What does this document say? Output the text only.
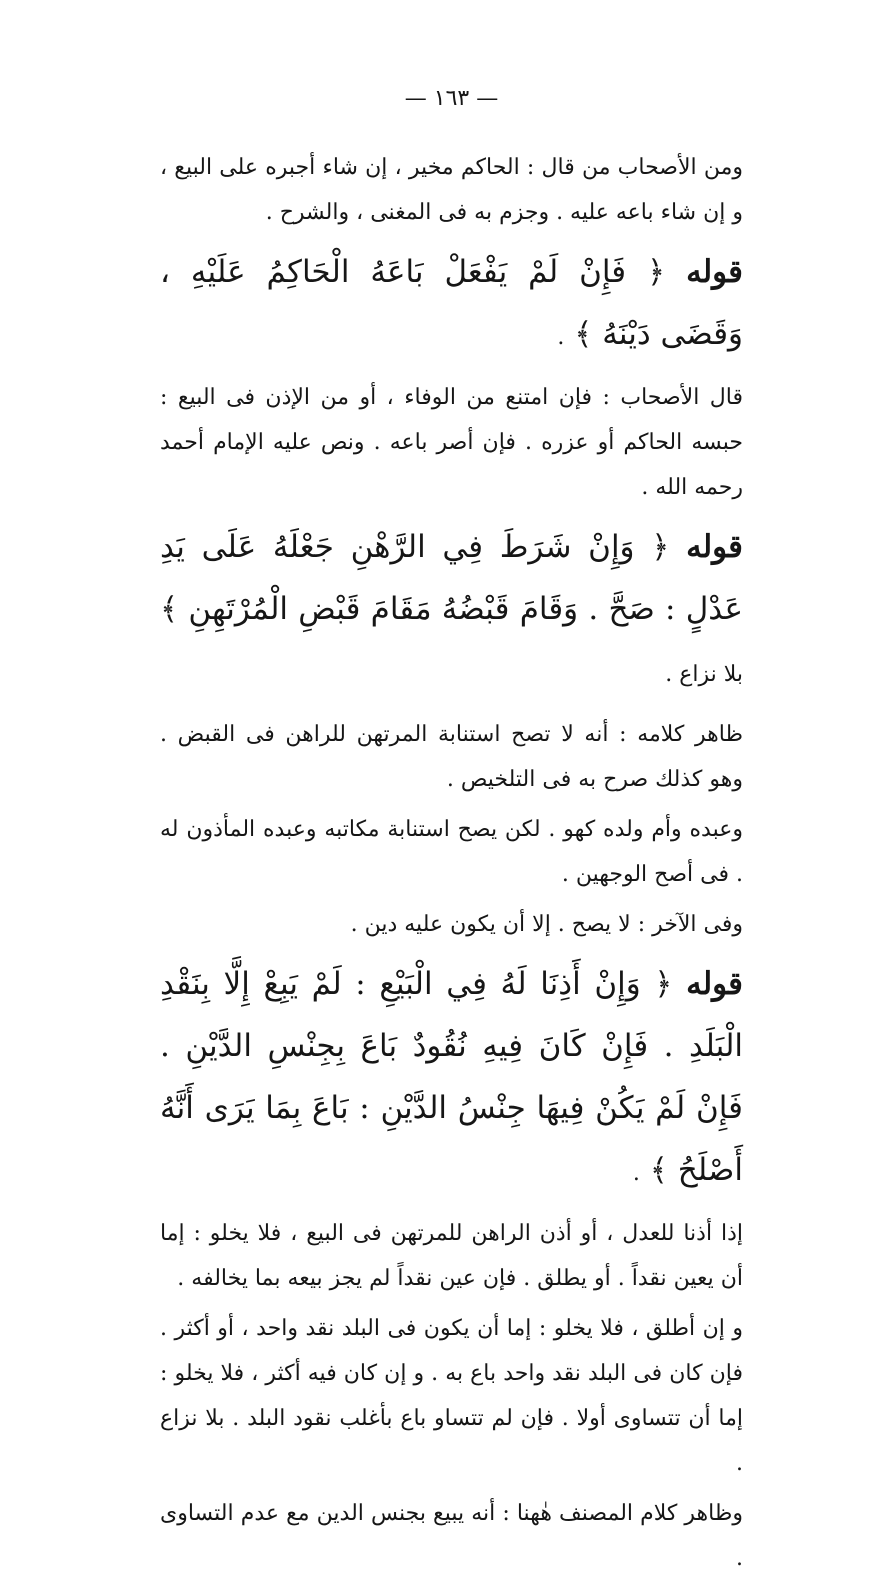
— ١٦٣ —

ومن الأصحاب من قال : الحاكم مخير ، إن شاء أجبره على البيع ، و إن شاء باعه عليه . وجزم به فى المغنى ، والشرح .

قوله ﴿ فَإِنْ لَمْ يَفْعَلْ بَاعَهُ الْحَاكِمُ عَلَيْهِ ، وَقَضَى دَيْنَهُ ﴾ .

قال الأصحاب : فإن امتنع من الوفاء ، أو من الإذن فى البيع : حبسه الحاكم أو عزره . فإن أصر باعه . ونص عليه الإمام أحمد رحمه الله .

قوله ﴿ وَإِنْ شَرَطَ فِي الرَّهْنِ جَعْلَهُ عَلَى يَدِ عَدْلٍ : صَحَّ . وَقَامَ قَبْضُهُ مَقَامَ قَبْضِ الْمُرْتَهِنِ ﴾ بلا نزاع .

ظاهر كلامه : أنه لا تصح استنابة المرتهن للراهن فى القبض . وهو كذلك صرح به فى التلخيص .

وعبده وأم ولده كهو . لكن يصح استنابة مكاتبه وعبده المأذون له . فى أصح الوجهين .

وفى الآخر : لا يصح . إلا أن يكون عليه دين .

قوله ﴿ وَإِنْ أَذِنَا لَهُ فِي الْبَيْعِ : لَمْ يَبِعْ إِلَّا بِنَقْدِ الْبَلَدِ . فَإِنْ كَانَ فِيهِ نُقُودٌ بَاعَ بِجِنْسِ الدَّيْنِ . فَإِنْ لَمْ يَكُنْ فِيهَا جِنْسُ الدَّيْنِ : بَاعَ بِمَا يَرَى أَنَّهُ أَصْلَحُ ﴾ .

إذا أذنا للعدل ، أو أذن الراهن للمرتهن فى البيع ، فلا يخلو : إما أن يعين نقداً . أو يطلق . فإن عين نقداً لم يجز بيعه بما يخالفه .

و إن أطلق ، فلا يخلو : إما أن يكون فى البلد نقد واحد ، أو أكثر . فإن كان فى البلد نقد واحد باع به . و إن كان فيه أكثر ، فلا يخلو : إما أن تتساوى أولا . فإن لم تتساو باع بأغلب نقود البلد . بلا نزاع .

وظاهر كلام المصنف هٰهنا : أنه يبيع بجنس الدين مع عدم التساوى .
